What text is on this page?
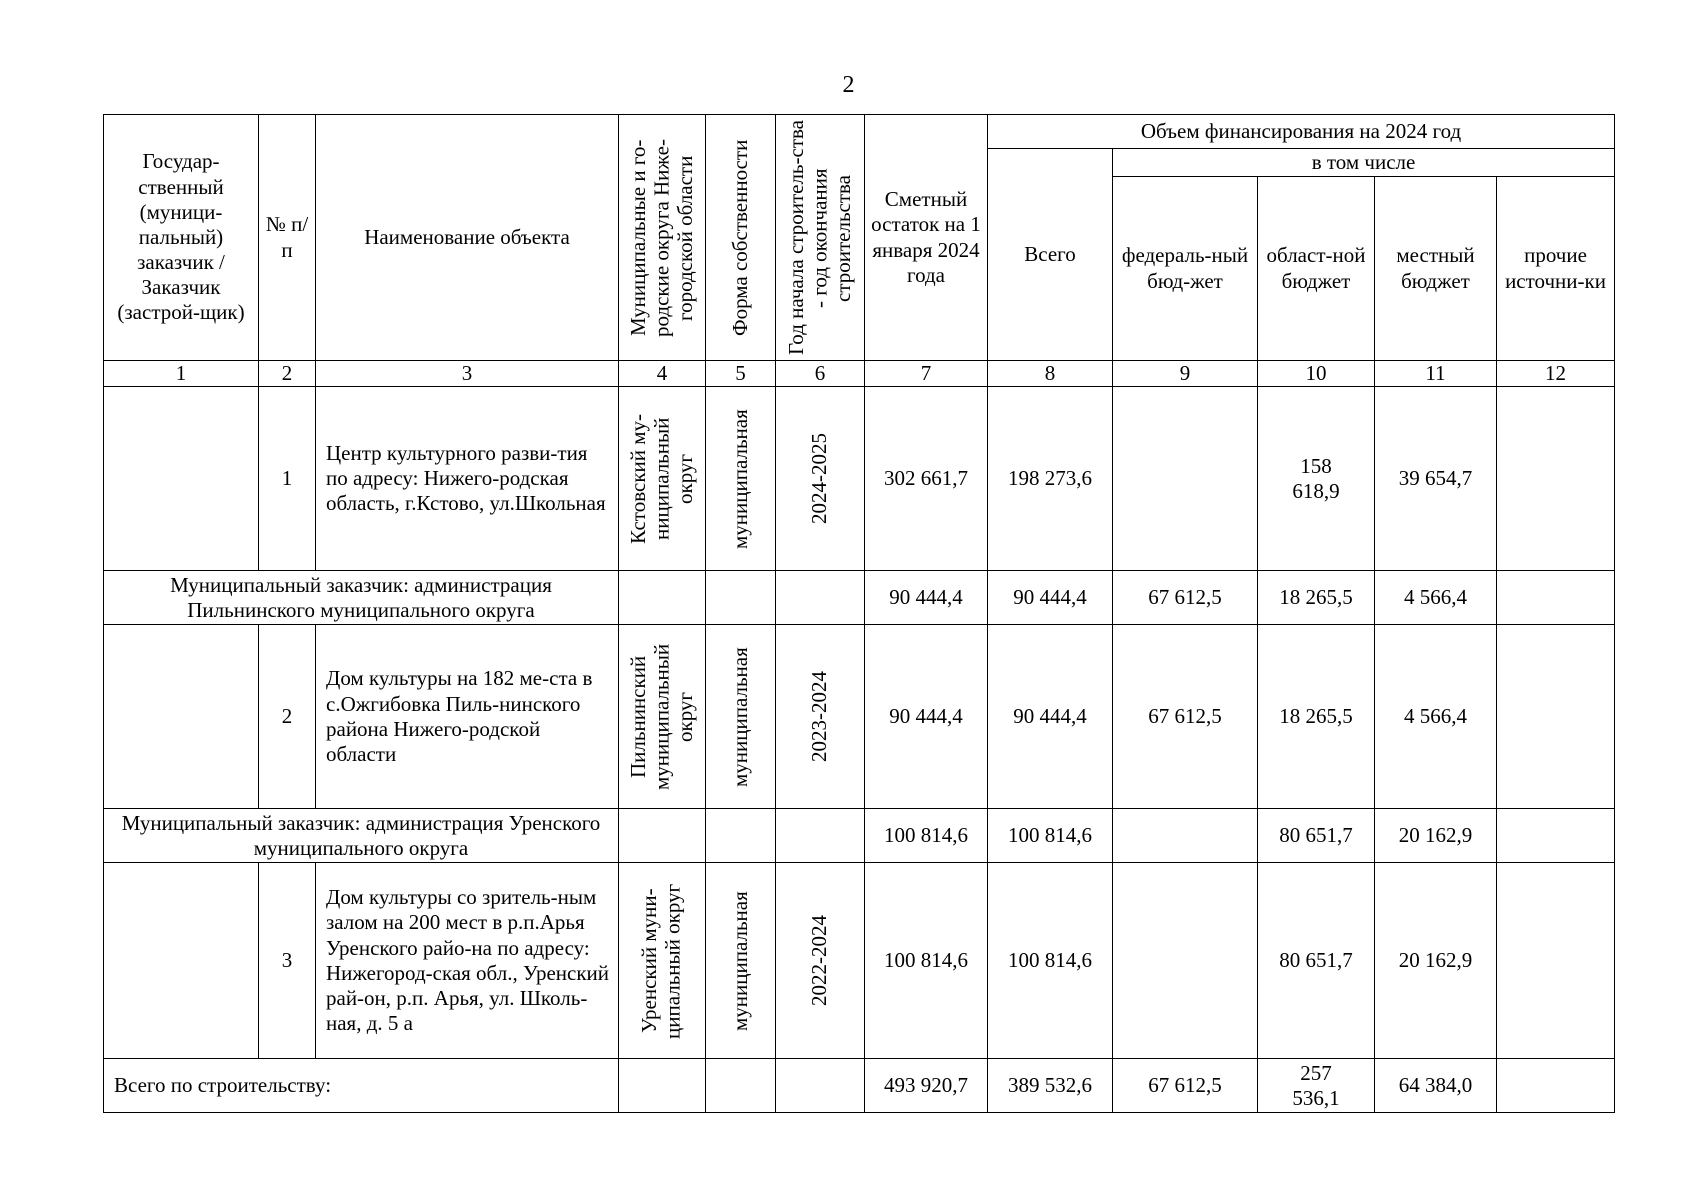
2
Государ-ственный (муници-пальный) заказчик / Заказчик (застрой-щик)	№ п/п	Наименование объекта	Муниципальные и го-родские округа Ниже-городской области	Форма собственности	Год начала строитель-ства - год окончания строительства	Сметный остаток на 1 января 2024 года	Объем финансирования на 2024 год				
							Всего	в том числе			
								федераль-ный бюд-жет	област-ной бюджет	местный бюджет	прочие источни-ки
1	2	3	4	5	6	7	8	9	10	11	12
	1	Центр культурного разви-тия по адресу: Нижего-родская область, г.Кстово, ул.Школьная	Кстовский му-ниципальный округ	муниципальная	2024-2025	302 661,7	198 273,6		158 618,9	39 654,7	
Муниципальный заказчик: администрация Пильнинского муниципального округа						90 444,4	90 444,4	67 612,5	18 265,5	4 566,4	
	2	Дом культуры на 182 ме-ста в с.Ожгибовка Пиль-нинского района Нижего-родской области	Пильнинский муниципальный округ	муниципальная	2023-2024	90 444,4	90 444,4	67 612,5	18 265,5	4 566,4	
Муниципальный заказчик: администрация Уренского муниципального округа						100 814,6	100 814,6		80 651,7	20 162,9	
	3	Дом культуры со зритель-ным залом на 200 мест в р.п.Арья Уренского райо-на по адресу: Нижегород-ская обл., Уренский рай-он, р.п. Арья, ул. Школь-ная, д. 5 а	Уренский муни-ципальный округ	муниципальная	2022-2024	100 814,6	100 814,6		80 651,7	20 162,9	
Всего по строительству:						493 920,7	389 532,6	67 612,5	257 536,1	64 384,0	
